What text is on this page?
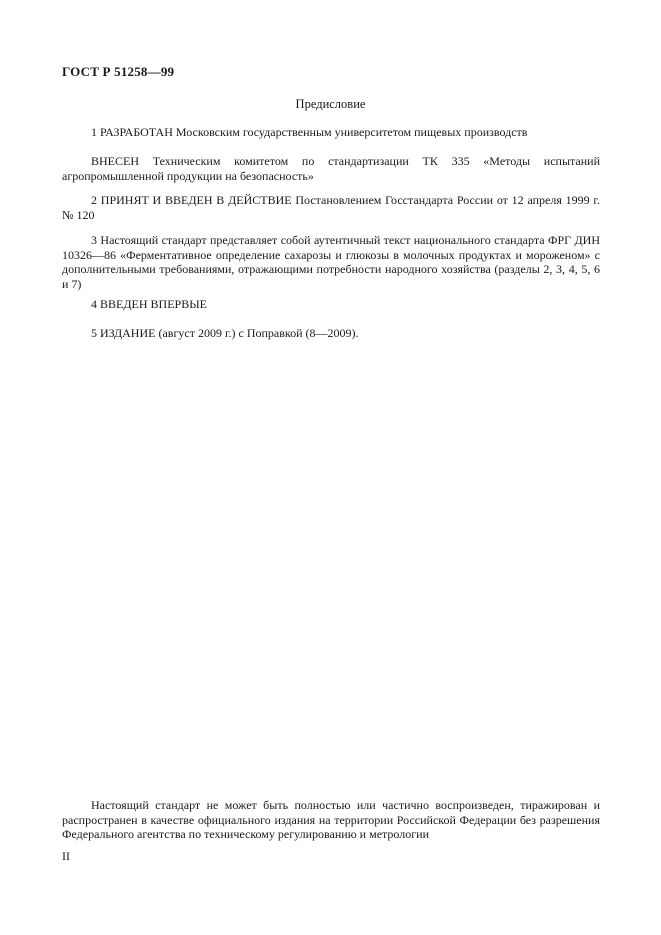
ГОСТ Р 51258—99
Предисловие
1 РАЗРАБОТАН Московским государственным университетом пищевых производств
ВНЕСЕН Техническим комитетом по стандартизации ТК 335 «Методы испытаний агропромышленной продукции на безопасность»
2 ПРИНЯТ И ВВЕДЕН В ДЕЙСТВИЕ Постановлением Госстандарта России от 12 апреля 1999 г. № 120
3 Настоящий стандарт представляет собой аутентичный текст национального стандарта ФРГ ДИН 10326—86 «Ферментативное определение сахарозы и глюкозы в молочных продуктах и мороженом» с дополнительными требованиями, отражающими потребности народного хозяйства (разделы 2, 3, 4, 5, 6 и 7)
4 ВВЕДЕН ВПЕРВЫЕ
5 ИЗДАНИЕ (август 2009 г.) с Поправкой (8—2009).
Настоящий стандарт не может быть полностью или частично воспроизведен, тиражирован и распространен в качестве официального издания на территории Российской Федерации без разрешения Федерального агентства по техническому регулированию и метрологии
II
